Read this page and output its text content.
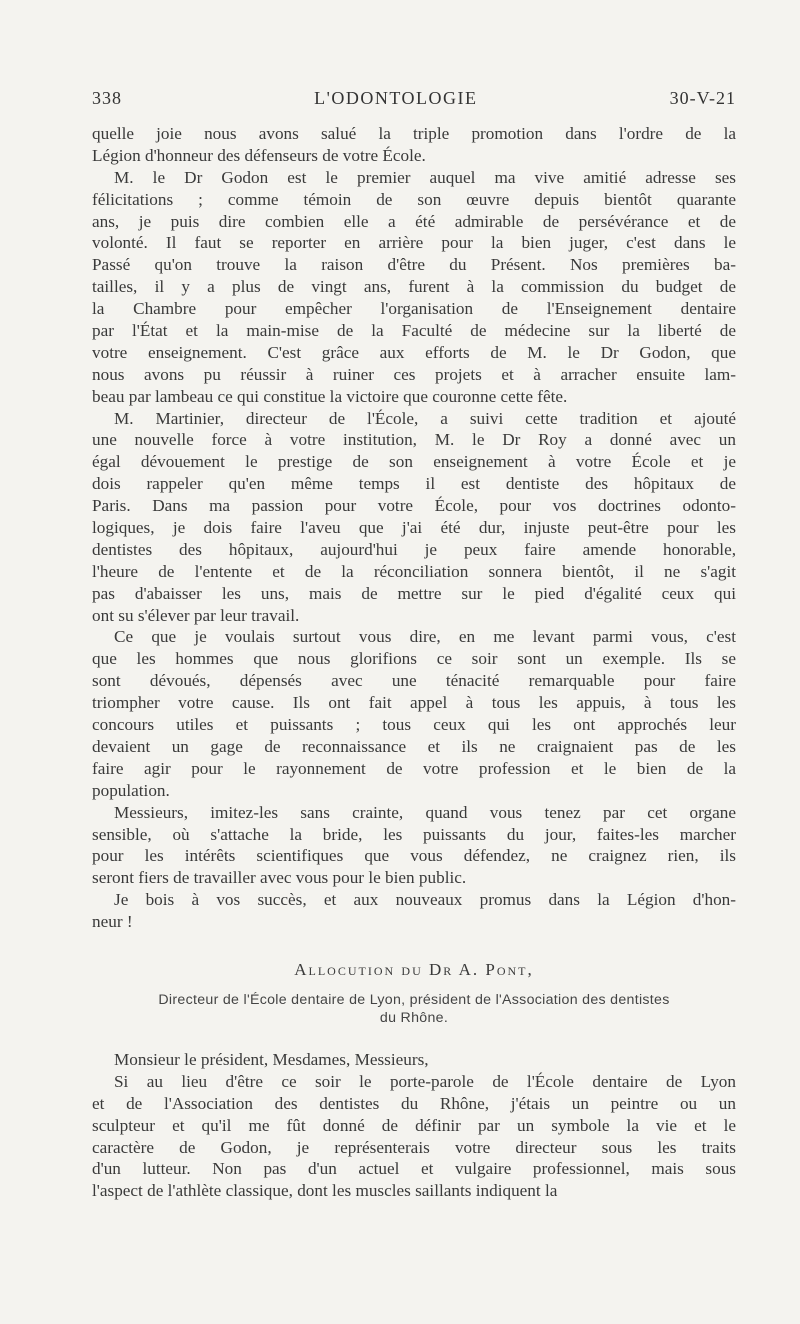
338	L'ODONTOLOGIE	30-V-21
quelle joie nous avons salué la triple promotion dans l'ordre de la
Légion d'honneur des défenseurs de votre École.
M. le Dr Godon est le premier auquel ma vive amitié adresse ses
félicitations ; comme témoin de son œuvre depuis bientôt quarante
ans, je puis dire combien elle a été admirable de persévérance et de
volonté. Il faut se reporter en arrière pour la bien juger, c'est dans le
Passé qu'on trouve la raison d'être du Présent. Nos premières ba-
tailles, il y a plus de vingt ans, furent à la commission du budget de
la Chambre pour empêcher l'organisation de l'Enseignement dentaire
par l'État et la main-mise de la Faculté de médecine sur la liberté de
votre enseignement. C'est grâce aux efforts de M. le Dr Godon, que
nous avons pu réussir à ruiner ces projets et à arracher ensuite lam-
beau par lambeau ce qui constitue la victoire que couronne cette fête.
M. Martinier, directeur de l'École, a suivi cette tradition et ajouté
une nouvelle force à votre institution, M. le Dr Roy a donné avec un
égal dévouement le prestige de son enseignement à votre École et je
dois rappeler qu'en même temps il est dentiste des hôpitaux de
Paris. Dans ma passion pour votre École, pour vos doctrines odonto-
logiques, je dois faire l'aveu que j'ai été dur, injuste peut-être pour les
dentistes des hôpitaux, aujourd'hui je peux faire amende honorable,
l'heure de l'entente et de la réconciliation sonnera bientôt, il ne s'agit
pas d'abaisser les uns, mais de mettre sur le pied d'égalité ceux qui
ont su s'élever par leur travail.
Ce que je voulais surtout vous dire, en me levant parmi vous, c'est
que les hommes que nous glorifions ce soir sont un exemple. Ils se
sont dévoués, dépensés avec une ténacité remarquable pour faire
triompher votre cause. Ils ont fait appel à tous les appuis, à tous les
concours utiles et puissants ; tous ceux qui les ont approchés leur
devaient un gage de reconnaissance et ils ne craignaient pas de les
faire agir pour le rayonnement de votre profession et le bien de la
population.
Messieurs, imitez-les sans crainte, quand vous tenez par cet organe
sensible, où s'attache la bride, les puissants du jour, faites-les marcher
pour les intérêts scientifiques que vous défendez, ne craignez rien, ils
seront fiers de travailler avec vous pour le bien public.
Je bois à vos succès, et aux nouveaux promus dans la Légion d'hon-
neur !
Allocution du Dr A. Pont,
Directeur de l'École dentaire de Lyon, président de l'Association des dentistes
du Rhône.
Monsieur le président, Mesdames, Messieurs,
Si au lieu d'être ce soir le porte-parole de l'École dentaire de Lyon
et de l'Association des dentistes du Rhône, j'étais un peintre ou un
sculpteur et qu'il me fût donné de définir par un symbole la vie et le
caractère de Godon, je représenterais votre directeur sous les traits
d'un lutteur. Non pas d'un actuel et vulgaire professionnel, mais sous
l'aspect de l'athlète classique, dont les muscles saillants indiquent la
